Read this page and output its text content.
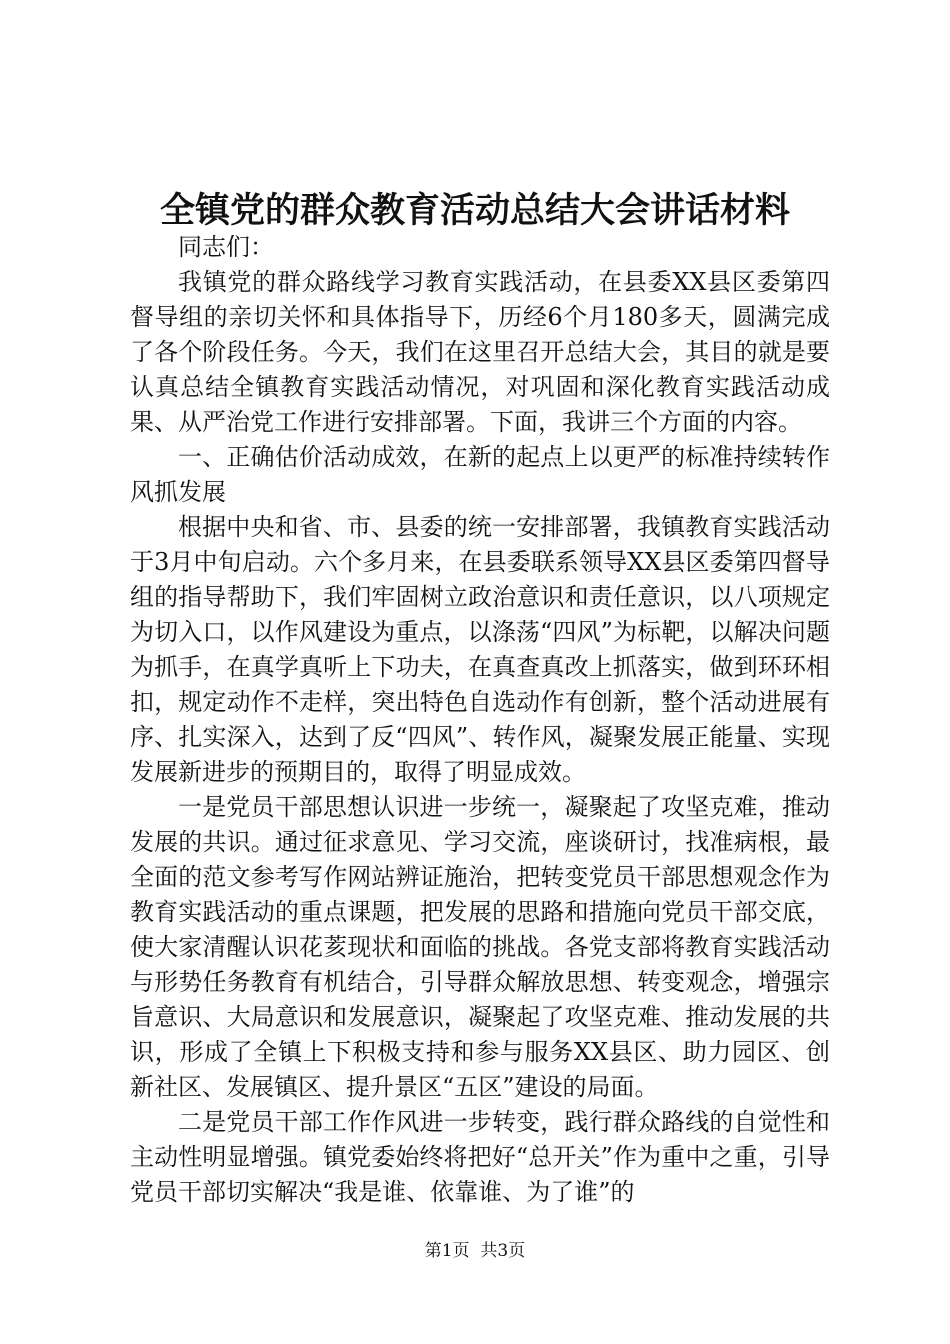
全镇党的群众教育活动总结大会讲话材料

同志们：

我镇党的群众路线学习教育实践活动，在县委XX县区委第四督导组的亲切关怀和具体指导下，历经6个月180多天，圆满完成了各个阶段任务。今天，我们在这里召开总结大会，其目的就是要认真总结全镇教育实践活动情况，对巩固和深化教育实践活动成果、从严治党工作进行安排部署。下面，我讲三个方面的内容。

一、正确估价活动成效，在新的起点上以更严的标准持续转作风抓发展

根据中央和省、市、县委的统一安排部署，我镇教育实践活动于3月中旬启动。六个多月来，在县委联系领导XX县区委第四督导组的指导帮助下，我们牢固树立政治意识和责任意识，以八项规定为切入口，以作风建设为重点，以涤荡“四风”为标靶，以解决问题为抓手，在真学真听上下功夫，在真查真改上抓落实，做到环环相扣，规定动作不走样，突出特色自选动作有创新，整个活动进展有序、扎实深入，达到了反“四风”、转作风，凝聚发展正能量、实现发展新进步的预期目的，取得了明显成效。

一是党员干部思想认识进一步统一，凝聚起了攻坚克难，推动发展的共识。通过征求意见、学习交流，座谈研讨，找准病根，最全面的范文参考写作网站辨证施治，把转变党员干部思想观念作为教育实践活动的重点课题，把发展的思路和措施向党员干部交底，使大家清醒认识花荄现状和面临的挑战。各党支部将教育实践活动与形势任务教育有机结合，引导群众解放思想、转变观念，增强宗旨意识、大局意识和发展意识，凝聚起了攻坚克难、推动发展的共识，形成了全镇上下积极支持和参与服务XX县区、助力园区、创新社区、发展镇区、提升景区“五区”建设的局面。

二是党员干部工作作风进一步转变，践行群众路线的自觉性和主动性明显增强。镇党委始终将把好“总开关”作为重中之重，引导党员干部切实解决“我是谁、依靠谁、为了谁”的

第1页  共3页
